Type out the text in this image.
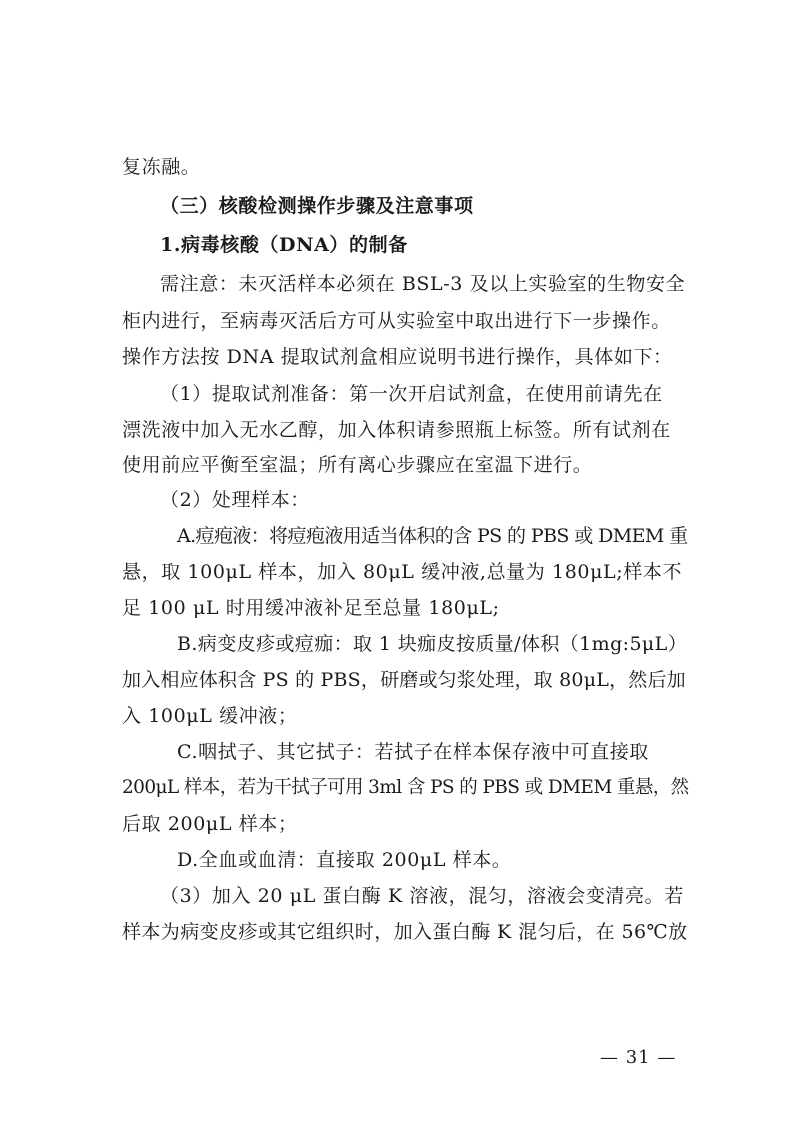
复冻融。
（三）核酸检测操作步骤及注意事项
1.病毒核酸（DNA）的制备
需注意：未灭活样本必须在 BSL-3 及以上实验室的生物安全
柜内进行，至病毒灭活后方可从实验室中取出进行下一步操作。
操作方法按 DNA 提取试剂盒相应说明书进行操作，具体如下：
（1）提取试剂准备：第一次开启试剂盒，在使用前请先在
漂洗液中加入无水乙醇，加入体积请参照瓶上标签。所有试剂在
使用前应平衡至室温；所有离心步骤应在室温下进行。
（2）处理样本：
A.痘疱液：将痘疱液用适当体积的含 PS 的 PBS 或 DMEM 重
悬，取 100μL 样本，加入 80μL 缓冲液,总量为 180μL;样本不
足 100 μL 时用缓冲液补足至总量 180μL;
B.病变皮疹或痘痂：取 1 块痂皮按质量/体积（1mg:5μL）
加入相应体积含 PS 的 PBS，研磨或匀浆处理，取 80μL，然后加
入 100μL 缓冲液；
C.咽拭子、其它拭子：若拭子在样本保存液中可直接取
200μL 样本，若为干拭子可用 3ml 含 PS 的 PBS 或 DMEM 重悬，然
后取 200μL 样本；
D.全血或血清：直接取 200μL 样本。
（3）加入 20 μL 蛋白酶 K 溶液，混匀，溶液会变清亮。若
样本为病变皮疹或其它组织时，加入蛋白酶 K 混匀后，在 56℃放
— 31 —
